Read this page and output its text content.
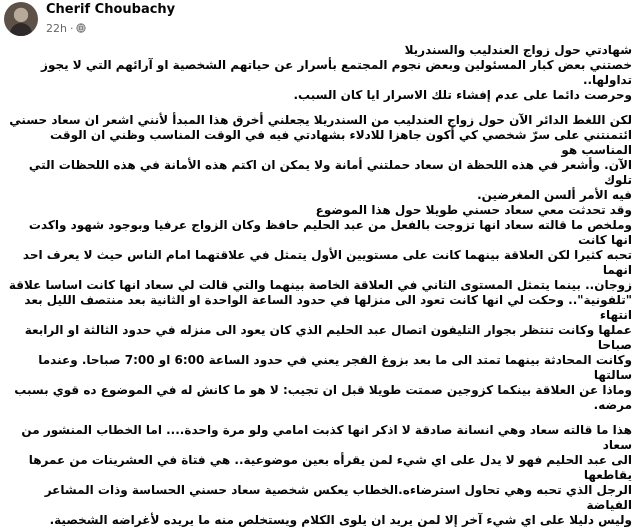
Cherif Choubachy
22h ·

شهادتي حول زواج العندليب والسندريلا
خصتني بعض كبار المسئولين وبعض نجوم المجتمع بأسرار عن حياتهم الشخصية او آرائهم التي لا يجوز تداولها..
وحرصت دائما على عدم إفشاء تلك الاسرار ايا كان السبب.

لكن اللغط الدائر الآن حول زواج العندليب من السندريلا يجعلني أخرق هذا المبدأ لأنني اشعر ان سعاد حسني
ائتمنتني على سرّ شخصي كي أكون جاهزا للادلاء بشهادتي فيه في الوقت المناسب وظني ان الوقت المناسب هو
الآن. وأشعر في هذه اللحظة ان سعاد حملتني أمانة ولا يمكن ان اكتم هذه الأمانة في هذه اللحظات التي تلوك
فيه الأمر ألسن المغرضين.

وقد تحدثت معي سعاد حسني طويلا حول هذا الموضوع
وملخص ما قالته سعاد انها تزوجت بالفعل من عبد الحليم حافظ وكان الزواج عرفيا وبوجود شهود واكدت انها كانت
تحبه كثيرا لكن العلاقة بينهما كانت على مستويين الأول يتمثل في علاقتهما امام الناس حيث لا يعرف احد انهما
زوجان.. بينما يتمثل المستوى الثاني في العلاقة الخاصة بينهما والتي قالت لي سعاد انها كانت اساسا علاقة
"تلفونية".. وحكت لي انها كانت تعود الى منزلها في حدود الساعة الواحدة او الثانية بعد منتصف الليل بعد انتهاء
عملها وكانت تنتظر بجوار التليفون اتصال عبد الحليم الذي كان يعود الى منزله في حدود الثالثة او الرابعة صباحا
وكانت المحادثة بينهما تمتد الى ما بعد بزوغ الفجر يعني في حدود الساعة 6:00 او 7:00 صباحا. وعندما سالتها

وماذا عن العلاقة بينكما كزوجين صمتت طويلا قبل ان تجيب: لا هو ما كانش له في الموضوع ده قوي بسبب
مرضه.

هذا ما قالته سعاد وهي انسانة صادقة لا اذكر انها كذبت امامي ولو مرة واحدة.... اما الخطاب المنشور من سعاد
الى عبد الحليم فهو لا يدل على اي شيء لمن يقرأه بعين موضوعية.. هي فتاة في العشرينات من عمرها يقاطعها
الرجل الذي تحبه وهي تحاول استرضاءه.الخطاب يعكس شخصية سعاد حسني الحساسة وذات المشاعر الفياضة
وليس دليلا على اي شيء آخر إلا لمن يريد ان يلوى الكلام ويستخلص منه ما يريده لأغراضه الشخصية.
